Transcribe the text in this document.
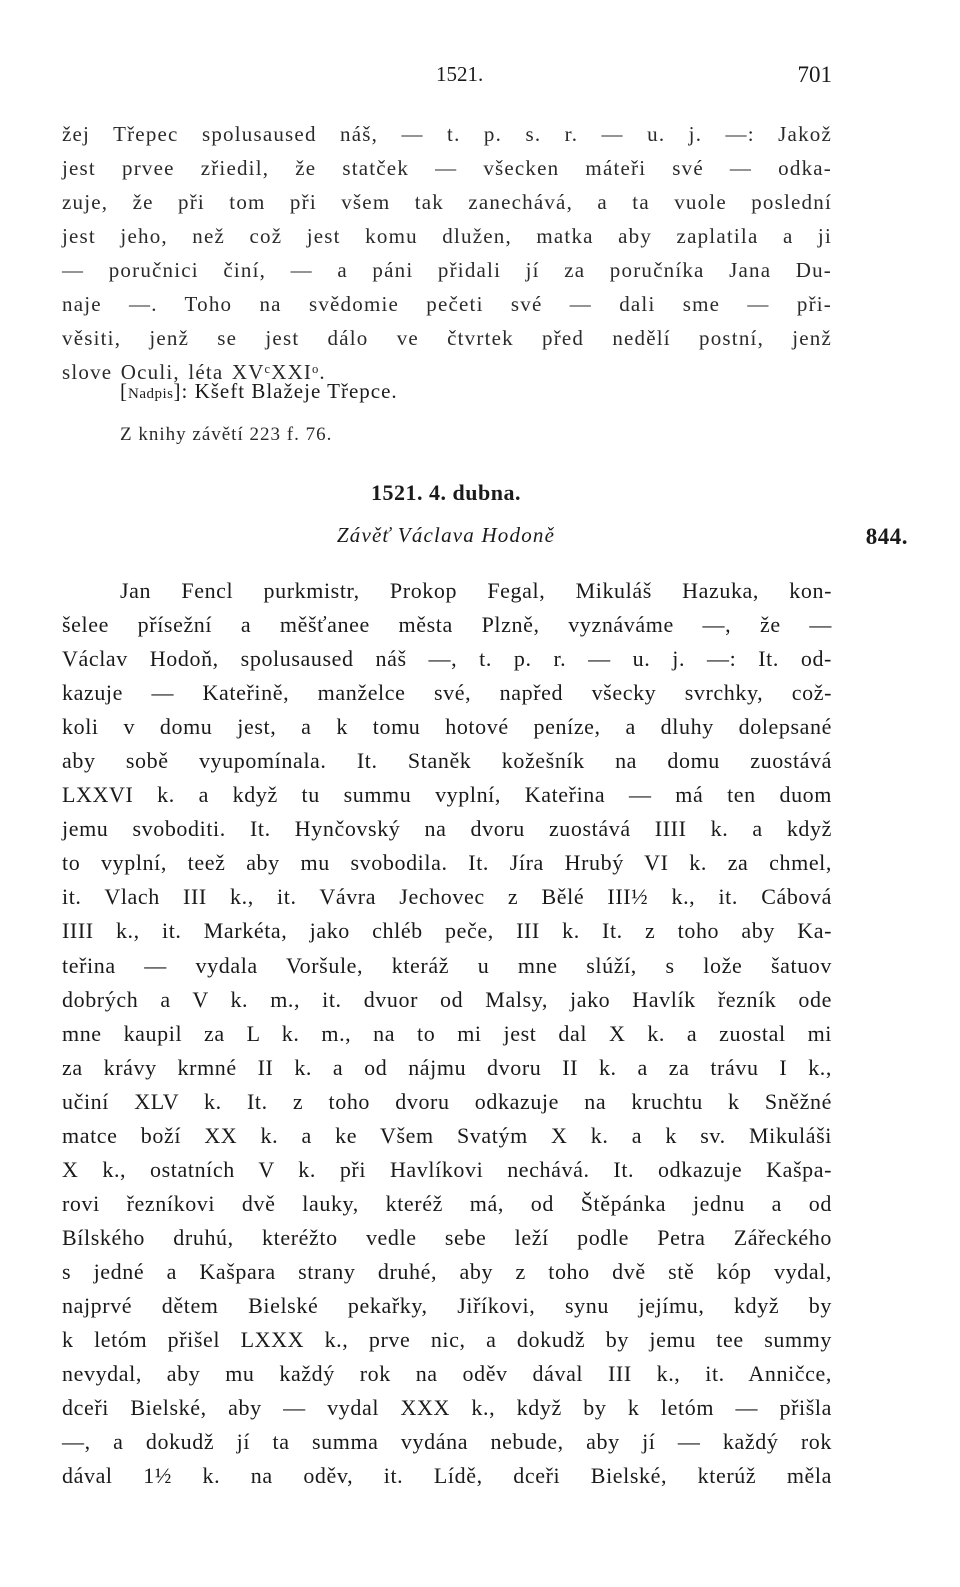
1521.	701
žej Třepec spolusaused náš, — t. p. s. r. — u. j. —: Jakož
jest prvee zřiedil, že statček — všecken máteři své — odka-
zuje, že při tom při všem tak zanechává, a ta vuole poslední
jest jeho, než což jest komu dlužen, matka aby zaplatila a ji
— poručnici činí, — a páni přidali jí za poručníka Jana Du-
naje —. Toho na svědomie pečeti své — dali sme — při-
věsiti, jenž se jest dálo ve čtvrtek před nedělí postní, jenž
slove Oculi, léta XVᶜXXIᵒ.
[Nadpis]: Kšeft Blažeje Třepce.
Z knihy závětí 223 f. 76.
1521. 4. dubna.
Závěť Václava Hodoně	844.
Jan Fencl purkmistr, Prokop Fegal, Mikuláš Hazuka, kon-
šelee přísežní a měšťanee města Plzně, vyznáváme —, že —
Václav Hodoň, spolusaused náš —, t. p. r. — u. j. —: It. od-
kazuje — Kateřině, manželce své, napřed všecky svrchky, což-
koli v domu jest, a k tomu hotové peníze, a dluhy dolepsané
aby sobě vyupomínala. It. Staněk kožešník na domu zuostává
LXXVI k. a když tu summu vyplní, Kateřina — má ten duom
jemu svoboditi. It. Hynčovský na dvoru zuostává IIII k. a když
to vyplní, teež aby mu svobodila. It. Jíra Hrubý VI k. za chmel,
it. Vlach III k., it. Vávra Jechovec z Bělé III½ k., it. Cábová
IIII k., it. Markéta, jako chléb peče, III k. It. z toho aby Ka-
teřina — vydala Voršule, kteráž u mne slúží, s lože šatuov
dobrých a V k. m., it. dvuor od Malsy, jako Havlík řezník ode
mne kaupil za L k. m., na to mi jest dal X k. a zuostal mi
za krávy krmné II k. a od nájmu dvoru II k. a za trávu I k.,
učiní XLV k. It. z toho dvoru odkazuje na kruchtu k Sněžné
matce boží XX k. a ke Všem Svatým X k. a k sv. Mikuláši
X k., ostatních V k. při Havlíkovi nechává. It. odkazuje Kašpa-
rovi řezníkovi dvě lauky, kteréž má, od Štěpánka jednu a od
Bílského druhú, kteréžto vedle sebe leží podle Petra Zářeckého
s jedné a Kašpara strany druhé, aby z toho dvě stě kóp vydal,
najprvé dětem Bielské pekařky, Jiříkovi, synu jejímu, když by
k letóm přišel LXXX k., prve nic, a dokudž by jemu tee summy
nevydal, aby mu každý rok na oděv dával III k., it. Anničce,
dceři Bielské, aby — vydal XXX k., když by k letóm — přišla
—, a dokudž jí ta summa vydána nebude, aby jí — každý rok
dával 1½ k. na oděv, it. Lídě, dceři Bielské, kterúž měla
